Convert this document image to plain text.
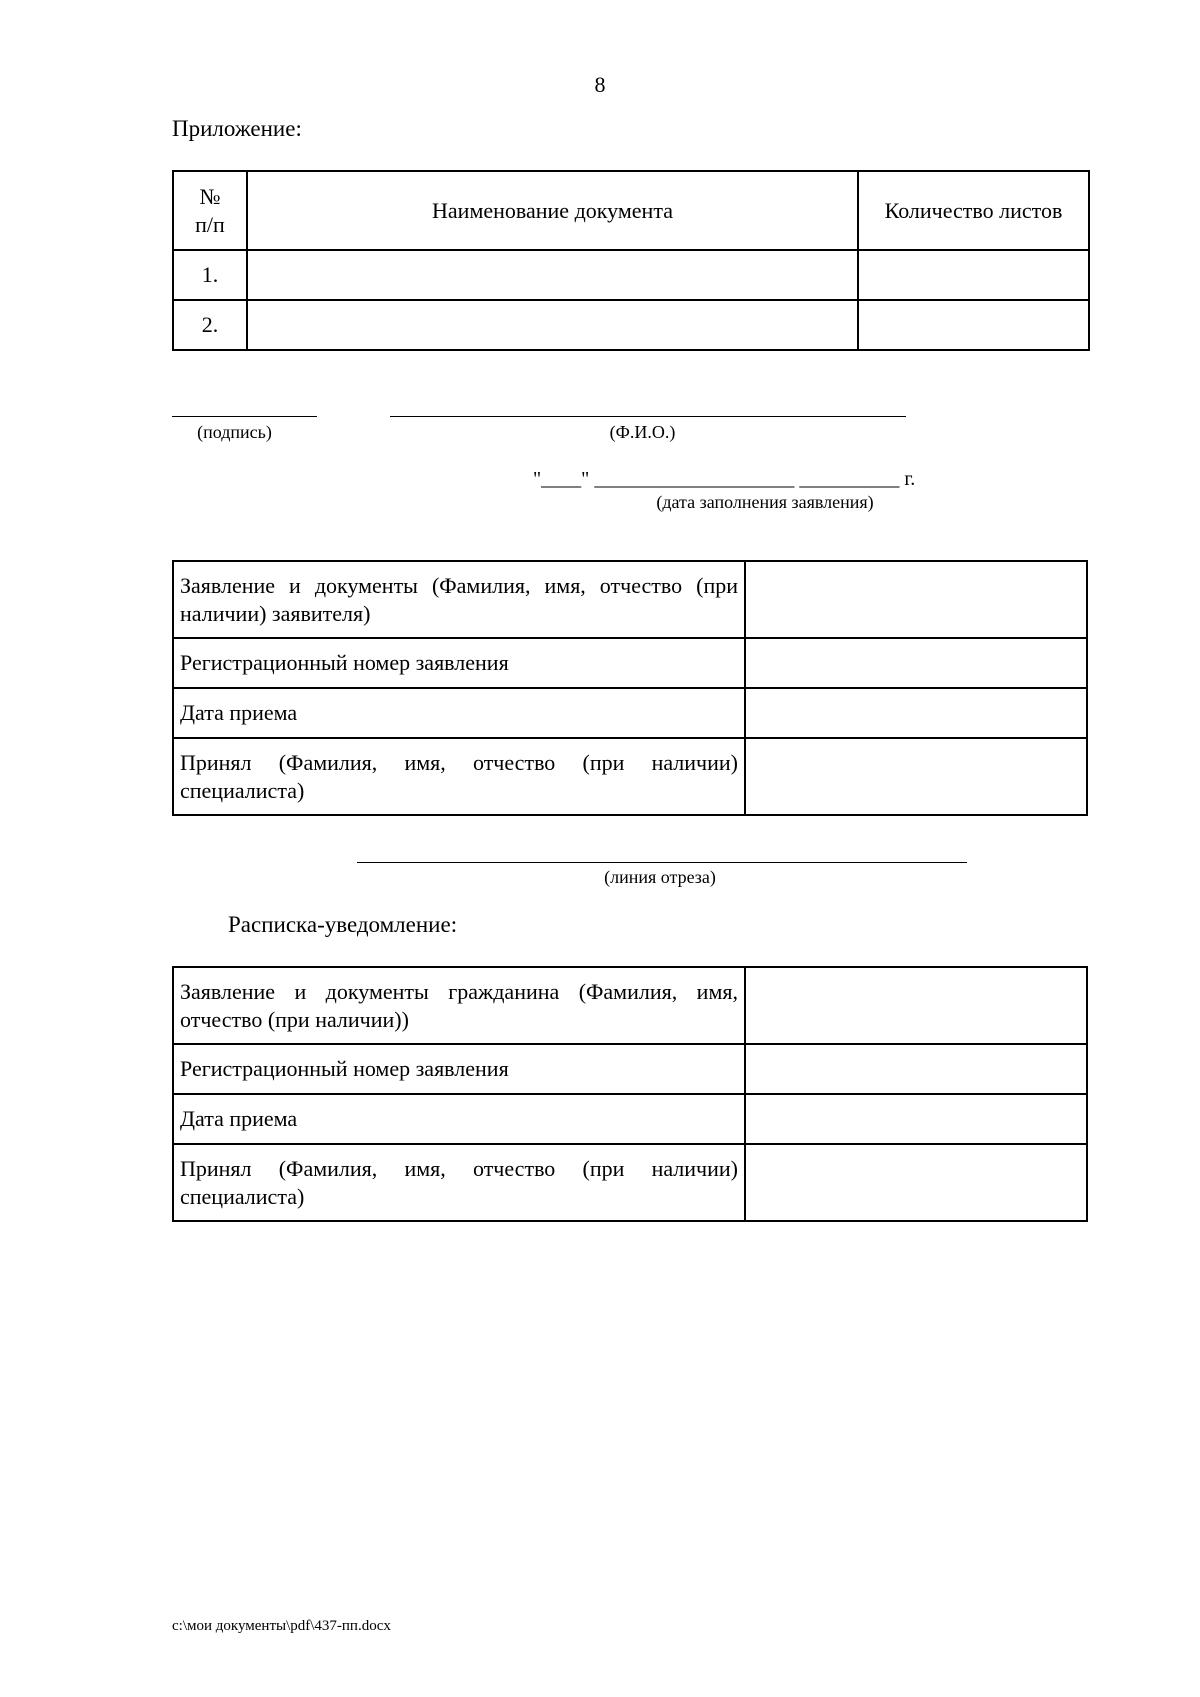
8
Приложение:
№ п/п	Наименование документа	Количество листов
1.		
2.		
(подпись)	(Ф.И.О.)
"____" ____________________ __________ г.
(дата заполнения заявления)
Заявление и документы (Фамилия, имя, отчество (при наличии) заявителя)	
Регистрационный номер заявления	
Дата приема	
Принял (Фамилия, имя, отчество (при наличии) специалиста)	
(линия отреза)
Расписка-уведомление:
Заявление и документы гражданина (Фамилия, имя, отчество (при наличии))	
Регистрационный номер заявления	
Дата приема	
Принял (Фамилия, имя, отчество (при наличии) специалиста)	
c:\мои документы\pdf\437-пп.docx
